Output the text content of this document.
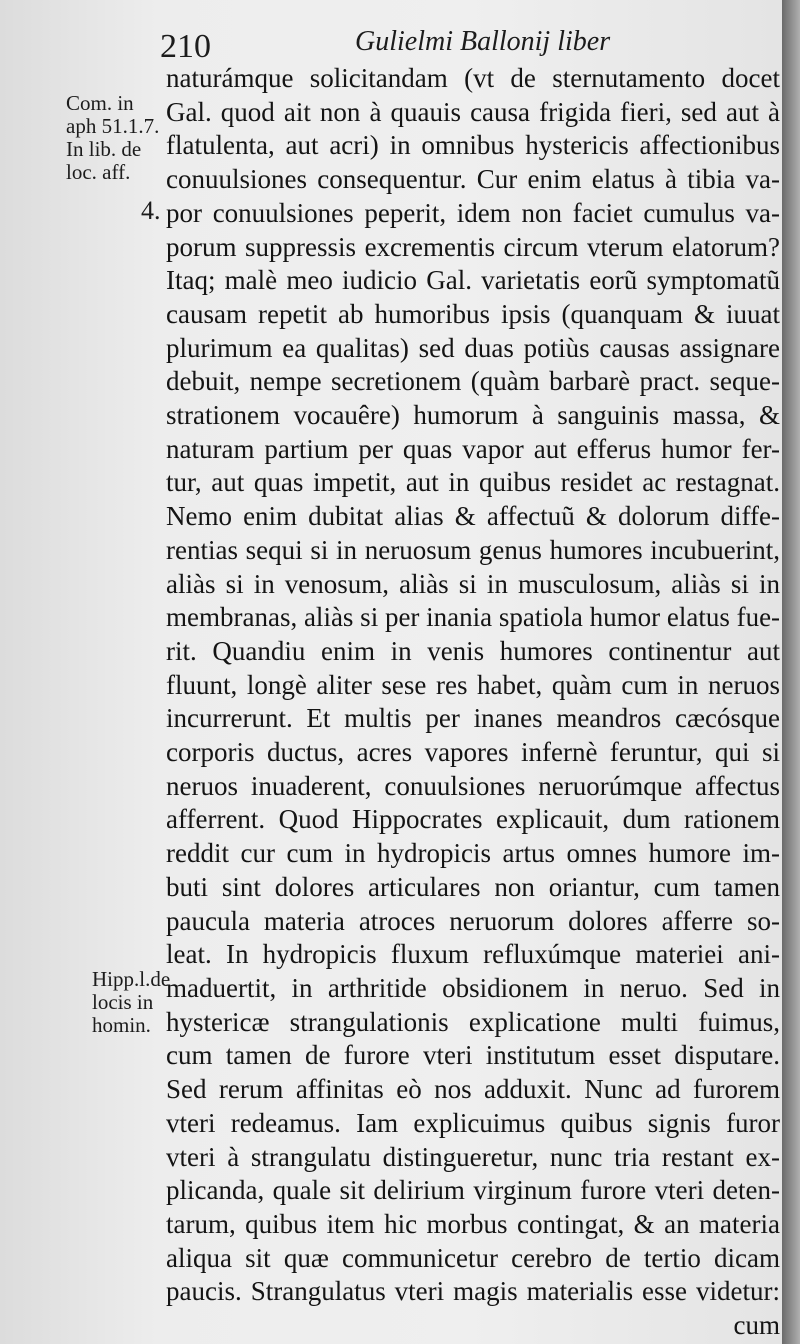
210	Gulielmi Ballonij liber
Com. in
aph 51.1.7.
In lib. de
loc. aff.
4.
Hipp.l.de
locis in
homin.
naturámque solicitandam (vt de sternutamento docet
Gal. quod ait non à quauis causa frigida fieri, sed aut à
flatulenta, aut acri) in omnibus hystericis affectionibus
conuulsiones consequentur. Cur enim elatus à tibia va-
por conuulsiones peperit, idem non faciet cumulus va-
porum suppressis excrementis circum vterum elatorum?
Itaq; malè meo iudicio Gal. varietatis eorũ symptomatũ
causam repetit ab humoribus ipsis (quanquam & iuuat
plurimum ea qualitas) sed duas potiùs causas assignare
debuit, nempe secretionem (quàm barbarè pract. seque-
strationem vocauêre) humorum à sanguinis massa, &
naturam partium per quas vapor aut efferus humor fer-
tur, aut quas impetit, aut in quibus residet ac restagnat.
Nemo enim dubitat alias & affectuũ & dolorum diffe-
rentias sequi si in neruosum genus humores incubuerint,
aliàs si in venosum, aliàs si in musculosum, aliàs si in
membranas, aliàs si per inania spatiola humor elatus fue-
rit. Quandiu enim in venis humores continentur aut
fluunt, longè aliter sese res habet, quàm cum in neruos
incurrerunt. Et multis per inanes meandros cæcósque
corporis ductus, acres vapores infernè feruntur, qui si
neruos inuaderent, conuulsiones neruorúmque affectus
afferrent. Quod Hippocrates explicauit, dum rationem
reddit cur cum in hydropicis artus omnes humore im-
buti sint dolores articulares non oriantur, cum tamen
paucula materia atroces neruorum dolores afferre so-
leat. In hydropicis fluxum refluxúmque materiei ani-
maduertit, in arthritide obsidionem in neruo. Sed in
hystericæ strangulationis explicatione multi fuimus,
cum tamen de furore vteri institutum esset disputare.
Sed rerum affinitas eò nos adduxit. Nunc ad furorem
vteri redeamus. Iam explicuimus quibus signis furor
vteri à strangulatu distingueretur, nunc tria restant ex-
plicanda, quale sit delirium virginum furore vteri deten-
tarum, quibus item hic morbus contingat, & an materia
aliqua sit quæ communicetur cerebro de tertio dicam
paucis. Strangulatus vteri magis materialis esse videtur:
cum
